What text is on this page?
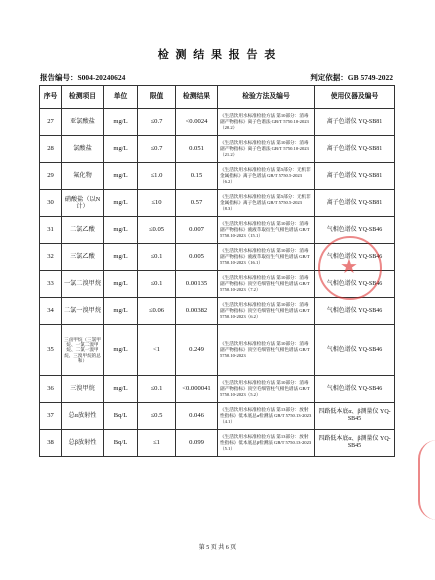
检 测 结 果 报 告 表
报告编号：S004-20240624	判定依据：GB 5749-2022
序号	检测项目	单位	限值	检测结果	检验方法及编号	使用仪器及编号
27	亚氯酸盐	mg/L	≤0.7	<0.0024	《生活饮用水标准检验方法 第10部分：消毒副产物指标》离子色谱法 GB/T 5750.10-2023（20.2）	离子色谱仪 YQ-SB81
28	氯酸盐	mg/L	≤0.7	0.051	《生活饮用水标准检验方法 第10部分：消毒副产物指标》离子色谱法 GB/T 5750.10-2023（21.2）	离子色谱仪 YQ-SB81
29	氟化物	mg/L	≤1.0	0.15	《生活饮用水标准检验方法 第5部分：无机非金属指标》离子色谱法 GB/T 5750.5-2023（6.2）	离子色谱仪 YQ-SB81
30	硝酸盐（以N计）	mg/L	≤10	0.57	《生活饮用水标准检验方法 第5部分：无机非金属指标》离子色谱法 GB/T 5750.5-2023（8.3）	离子色谱仪 YQ-SB81
31	二氯乙酸	mg/L	≤0.05	0.007	《生活饮用水标准检验方法 第10部分：消毒副产物指标》液液萃取衍生气相色谱法 GB/T 5750.10-2023（15.1）	气相色谱仪 YQ-SB46
32	三氯乙酸	mg/L	≤0.1	0.005	《生活饮用水标准检验方法 第10部分：消毒副产物指标》液液萃取衍生气相色谱法 GB/T 5750.10-2023（16.1）	气相色谱仪 YQ-SB46
33	一氯二溴甲烷	mg/L	≤0.1	0.00135	《生活饮用水标准检验方法 第10部分：消毒副产物指标》顶空毛细管柱气相色谱法 GB/T 5750.10-2023（7.2）	气相色谱仪 YQ-SB46
34	二氯一溴甲烷	mg/L	≤0.06	0.00382	《生活饮用水标准检验方法 第10部分：消毒副产物指标》顶空毛细管柱气相色谱法 GB/T 5750.10-2023（6.2）	气相色谱仪 YQ-SB46
35	三卤甲烷（三氯甲烷、一氯二溴甲烷、二氯一溴甲烷、三溴甲烷的总和）	mg/L	<1	0.249	《生活饮用水标准检验方法 第10部分：消毒副产物指标》顶空毛细管柱气相色谱法 GB/T 5750.10-2023	气相色谱仪 YQ-SB46
36	三溴甲烷	mg/L	≤0.1	<0.000041	《生活饮用水标准检验方法 第10部分：消毒副产物指标》顶空毛细管柱气相色谱法 GB/T 5750.10-2023（5.2）	气相色谱仪 YQ-SB46
37	总α放射性	Bq/L	≤0.5	0.046	《生活饮用水标准检验方法 第13部分：放射性指标》低本底总α检测法 GB/T 5750.13-2023（4.1）	四路低本底α、β测量仪 YQ-SB45
38	总β放射性	Bq/L	≤1	0.099	《生活饮用水标准检验方法 第13部分：放射性指标》低本底总β检测法 GB/T 5750.13-2023（5.1）	四路低本底α、β测量仪 YQ-SB45
★
第 5 页 共 6 页
